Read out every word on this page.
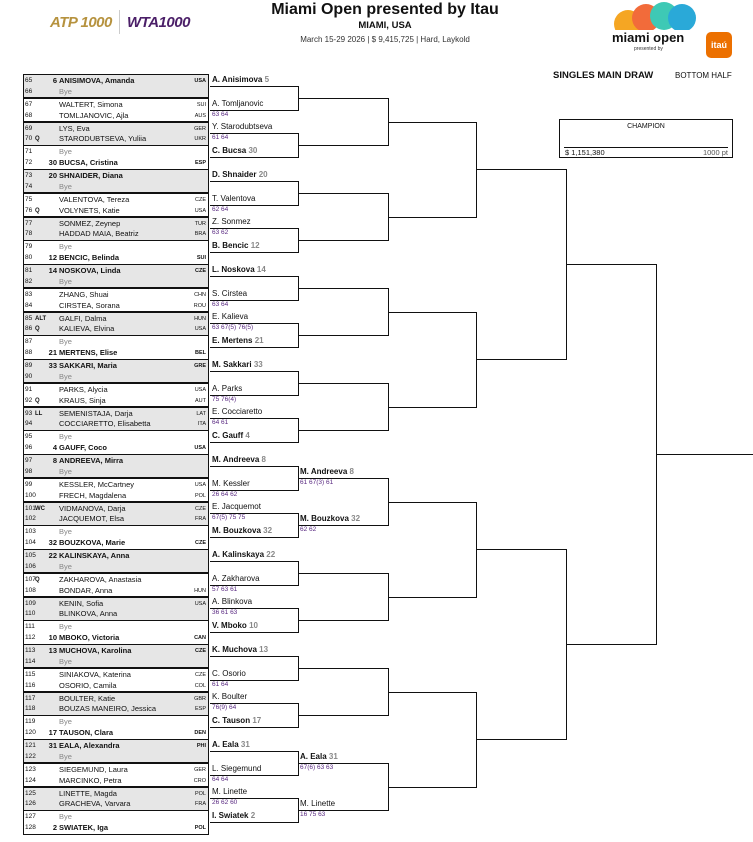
ATP 1000 WTA1000
Miami Open presented by Itau
MIAMI, USA
March 15-29 2026 | $ 9,415,725 | Hard, Laykold	miami open
presented by	itaú
SINGLES MAIN DRAW	BOTTOM HALF
CHAMPION
$ 1,151,380	1000 pt
65	6 ANISIMOVA, Amanda	USA
66	Bye
67	WALTERT, Simona	SUI
68	TOMLJANOVIC, Ajla	AUS
69	LYS, Eva	GER
70 Q	STARODUBTSEVA, Yuliia	UKR
71	Bye
72	30 BUCSA, Cristina	ESP
73	20 SHNAIDER, Diana
74	Bye
75	VALENTOVA, Tereza	CZE
76 Q	VOLYNETS, Katie	USA
77	SONMEZ, Zeynep	TUR
78	HADDAD MAIA, Beatriz	BRA
79	Bye
80	12 BENCIC, Belinda	SUI
81	14 NOSKOVA, Linda	CZE
82	Bye
83	ZHANG, Shuai	CHN
84	CIRSTEA, Sorana	ROU
85 ALT GALFI, Dalma	HUN
86 Q	KALIEVA, Elvina	USA
87	Bye
88	21 MERTENS, Elise	BEL
89	33 SAKKARI, Maria	GRE
90	Bye
91	PARKS, Alycia	USA
92 Q	KRAUS, Sinja	AUT
93 LL SEMENISTAJA, Darja	LAT
94	COCCIARETTO, Elisabetta	ITA
95	Bye
96	4 GAUFF, Coco	USA
97	8 ANDREEVA, Mirra
98	Bye
99	KESSLER, McCartney	USA
100	FRECH, Magdalena	POL
101 WC VIDMANOVA, Darja	CZE
102	JACQUEMOT, Elsa	FRA
103	Bye
104	32 BOUZKOVA, Marie	CZE
105	22 KALINSKAYA, Anna
106	Bye
107 Q	ZAKHAROVA, Anastasia
108	BONDAR, Anna	HUN
109	KENIN, Sofia	USA
110	BLINKOVA, Anna
111	Bye
112	10 MBOKO, Victoria	CAN
113	13 MUCHOVA, Karolina	CZE
114	Bye
115	SINIAKOVA, Katerina	CZE
116	OSORIO, Camila	COL
117	BOULTER, Katie	GBR
118	BOUZAS MANEIRO, Jessica	ESP
119	Bye
120	17 TAUSON, Clara	DEN
121	31 EALA, Alexandra	PHI
122	Bye
123	SIEGEMUND, Laura	GER
124	MARCINKO, Petra	CRO
125	LINETTE, Magda	POL
126	GRACHEVA, Varvara	FRA
127	Bye
128	2 SWIATEK, Iga	POL
A. Anisimova 5
A. Tomljanovic
63 64
Y. Starodubtseva
61 64
C. Bucsa 30
D. Shnaider 20
T. Valentova
62 64
Z. Sonmez
63 62
B. Bencic 12
L. Noskova 14
S. Cirstea
63 64
E. Kalieva
63 67(5) 76(5)
E. Mertens 21
M. Sakkari 33
A. Parks
75 76(4)
E. Cocciaretto
64 61
C. Gauff 4
M. Andreeva 8
M. Kessler
26 64 62
E. Jacquemot
67(5) 75 75
M. Bouzkova 32
A. Kalinskaya 22
A. Zakharova
57 63 61
A. Blinkova
36 61 63
V. Mboko 10
K. Muchova 13
C. Osorio
61 64
K. Boulter
76(9) 64
C. Tauson 17
A. Eala 31
L. Siegemund
64 64
M. Linette
26 62 60
I. Swiatek 2
M. Andreeva 8
61 67(3) 61
M. Bouzkova 32
62 62
A. Eala 31
67(6) 63 63
M. Linette
16 75 63
